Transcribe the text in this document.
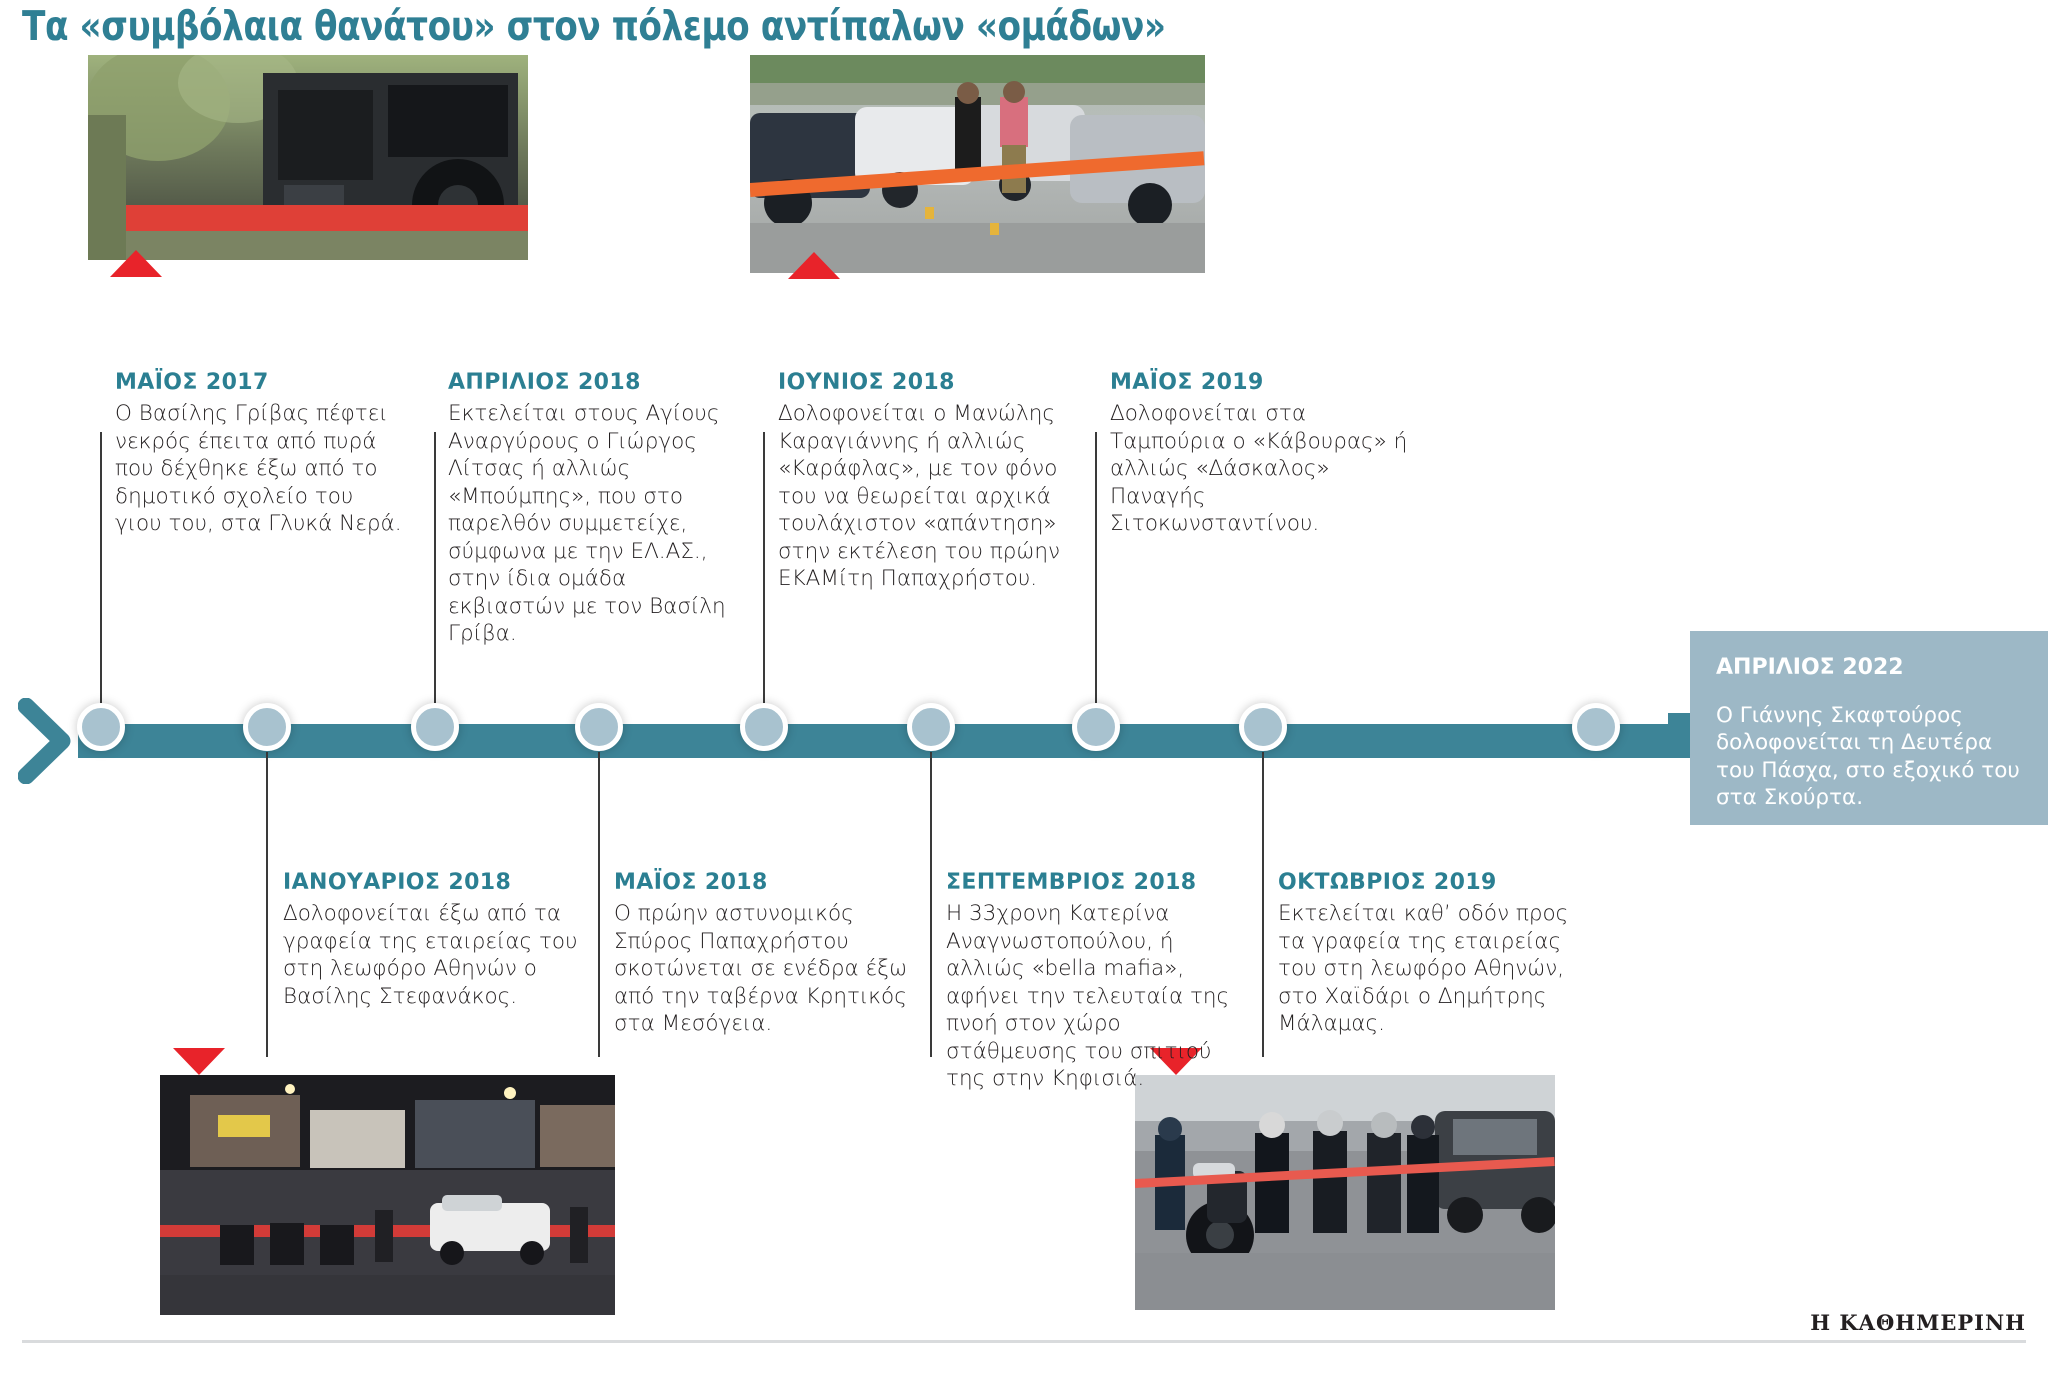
Τα «συμβόλαια θανάτου» στον πόλεμο αντίπαλων «ομάδων»

ΜΑΪΟΣ 2017

Ο Βασίλης Γρίβας πέφτει νεκρός έπειτα από πυρά που δέχθηκε έξω από το δημοτικό σχολείο του γιου του, στα Γλυκά Νερά.

ΑΠΡΙΛΙΟΣ 2018

Εκτελείται στους Αγίους Αναργύρους ο Γιώργος Λίτσας ή αλλιώς «Μπούμπης», που στο παρελθόν συμμετείχε, σύμφωνα με την ΕΛ.ΑΣ., στην ίδια ομάδα εκβιαστών με τον Βασίλη Γρίβα.

ΙΟΥΝΙΟΣ 2018

Δολοφονείται ο Μανώλης Καραγιάννης ή αλλιώς «Καράφλας», με τον φόνο του να θεωρείται αρχικά τουλάχιστον «απάντηση» στην εκτέλεση του πρώην ΕΚΑΜίτη Παπαχρήστου.

ΜΑΪΟΣ 2019

Δολοφονείται στα Ταμπούρια ο «Κάβουρας» ή αλλιώς «Δάσκαλος» Παναγής Σιτοκωνσταντίνου.

ΙΑΝΟΥΑΡΙΟΣ 2018

Δολοφονείται έξω από τα γραφεία της εταιρείας του στη λεωφόρο Αθηνών ο Βασίλης Στεφανάκος.

ΜΑΪΟΣ 2018

Ο πρώην αστυνομικός Σπύρος Παπαχρήστου σκοτώνεται σε ενέδρα έξω από την ταβέρνα Κρητικός στα Μεσόγεια.

ΣΕΠΤΕΜΒΡΙΟΣ 2018

Η 33χρονη Κατερίνα Αναγνωστοπούλου, ή αλλιώς «bella mafia», αφήνει την τελευταία της πνοή στον χώρο στάθμευσης του σπιτιού της στην Κηφισιά.

ΟΚΤΩΒΡΙΟΣ 2019

Εκτελείται καθ’ οδόν προς τα γραφεία της εταιρείας του στη λεωφόρο Αθηνών, στο Χαϊδάρι ο Δημήτρης Μάλαμας.

ΑΠΡΙΛΙΟΣ 2022

Ο Γιάννης Σκαφτούρος δολοφονείται τη Δευτέρα του Πάσχα, στο εξοχικό του στα Σκούρτα.

Η ΚΑΘΗΜΕΡΙΝΗ
